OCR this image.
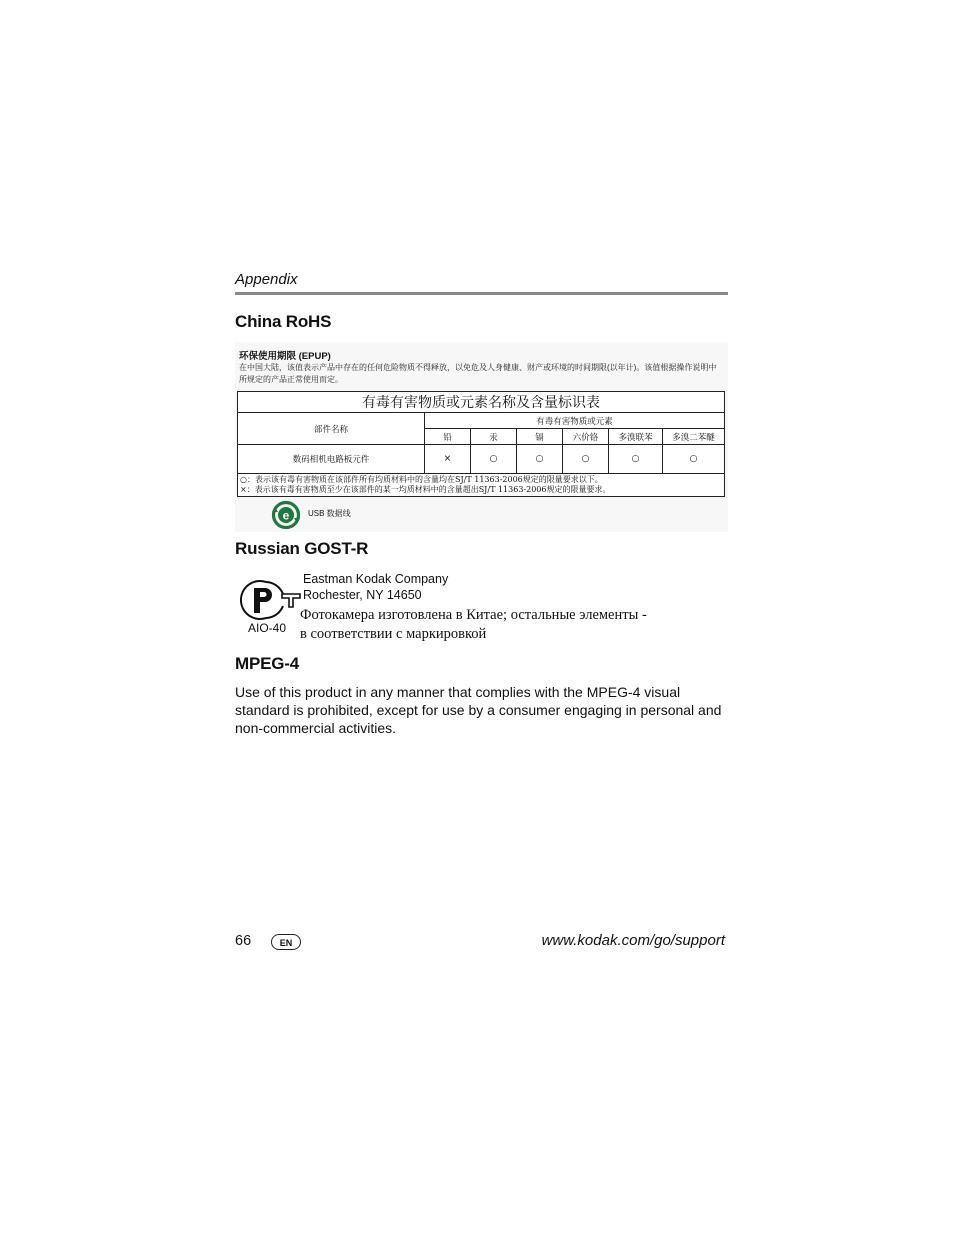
Appendix
China RoHS
环保使用期限 (EPUP)
在中国大陆，该值表示产品中存在的任何危险物质不得释放，以免危及人身健康、财产或环境的时间期限(以年计)。该值根据操作说明中所规定的产品正常使用而定。
有毒有害物质或元素名称及含量标识表						
部件名称	有毒有害物质或元素					
	铅	汞	镉	六价铬	多溴联苯	多溴二苯醚
数码相机电路板元件	×	○	○	○	○	○

○：表示该有毒有害物质在该部件所有均质材料中的含量均在SJ/T 11363-2006规定的限量要求以下。
×：表示该有毒有害物质至少在该部件的某一均质材料中的含量超出SJ/T 11363-2006规定的限量要求。						
e USB 数据线
Russian GOST-R
AIO-40
Eastman Kodak Company
Rochester, NY 14650
Фотокамера изготовлена в Китае; остальные элементы -
в соответствии с маркировкой
MPEG-4
Use of this product in any manner that complies with the MPEG-4 visual standard is prohibited, except for use by a consumer engaging in personal and non-commercial activities.
66	EN	www.kodak.com/go/support
